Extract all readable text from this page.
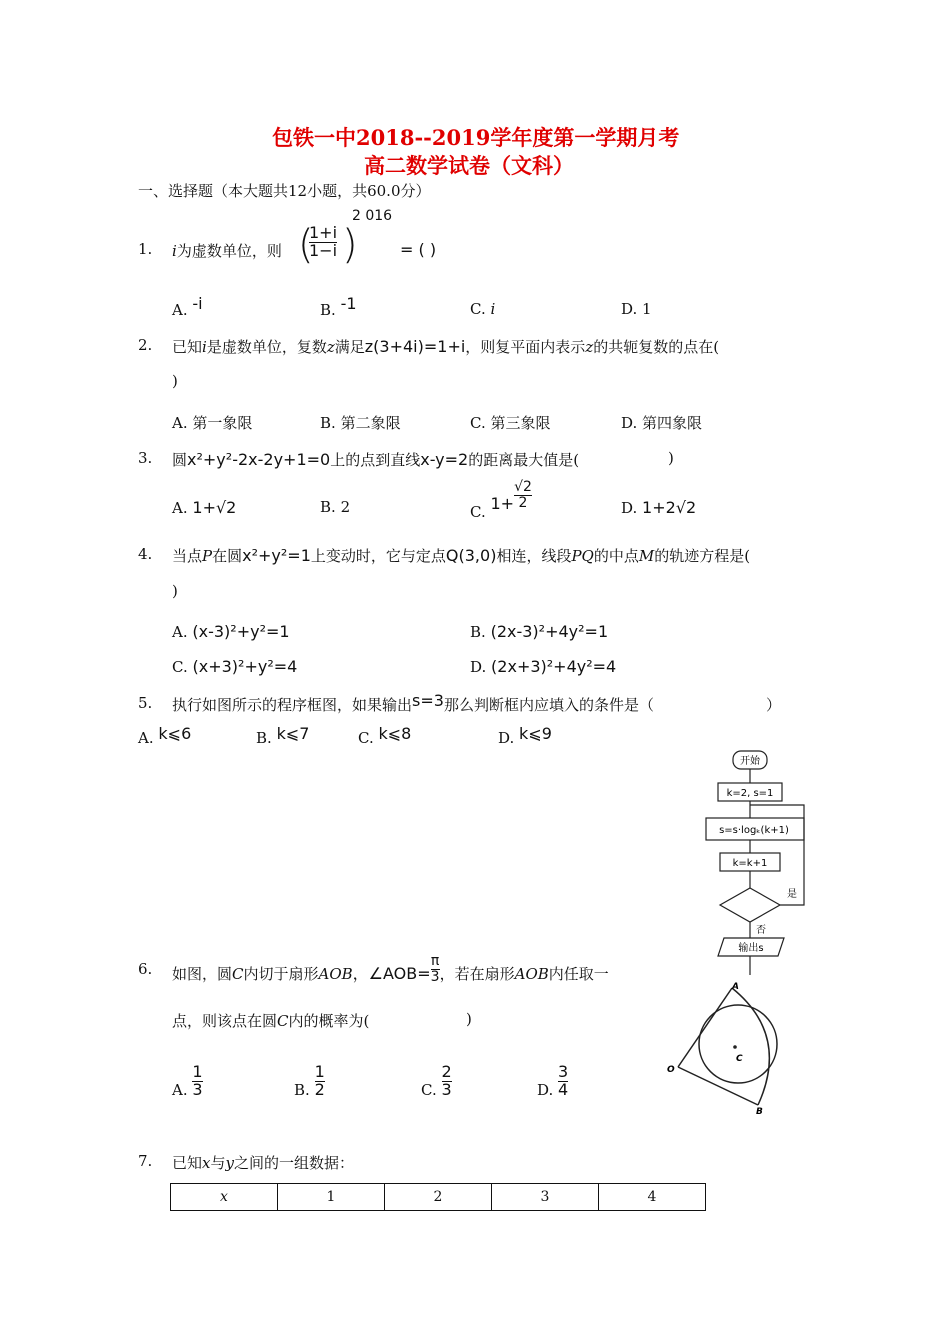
包铁一中2018--2019学年度第一学期月考
高二数学试卷（文科）
一、选择题（本大题共12小题，共60.0分）
1. i为虚数单位，则 (
$\frac{1+i}{1-i}$ )
2 016
= ( )
A. -i	B. -1	C. i	D. 1
2. 已知i是虚数单位，复数z满足z(3+4i)=1+i，则复平面内表示z的共轭复数的点在(
)
A. 第一象限	B. 第二象限	C. 第三象限	D. 第四象限
3. 圆x²+y²-2x-2y+1=0上的点到直线x-y=2的距离最大值是(	)
A. 1+√2	B. 2	C. $1+ \frac{√2}{2}$	D. 1+2√2
4. 当点P在圆x²+y²=1上变动时，它与定点Q(3,0)相连，线段PQ的中点M的轨迹方程是(
)
A. (x-3)²+y²=1	B. (2x-3)²+4y²=1
C. (x+3)²+y²=4	D. (2x+3)²+4y²=4
5. 执行如图所示的程序框图，如果输出s=3那么判断框内应填入的条件是（	）
A. k⩽6	B. k⩽7	C. k⩽8	D. k⩽9
开始
k=2, s=1
s=s·logₖ(k+1)
k=k+1
是
否
输出s
6. 如图，圆C内切于扇形AOB，∠AOB= $\frac{\pi}{3}$ ，若在扇形AOB内任取一
点，则该点在圆C内的概率为(	)
A. $\frac{1}{3}$	B. $\frac{1}{2}$	C. $\frac{2}{3}$	D. $\frac{3}{4}$
A
O
B
C
7. 已知x与y之间的一组数据：
x	1	2	3	4
